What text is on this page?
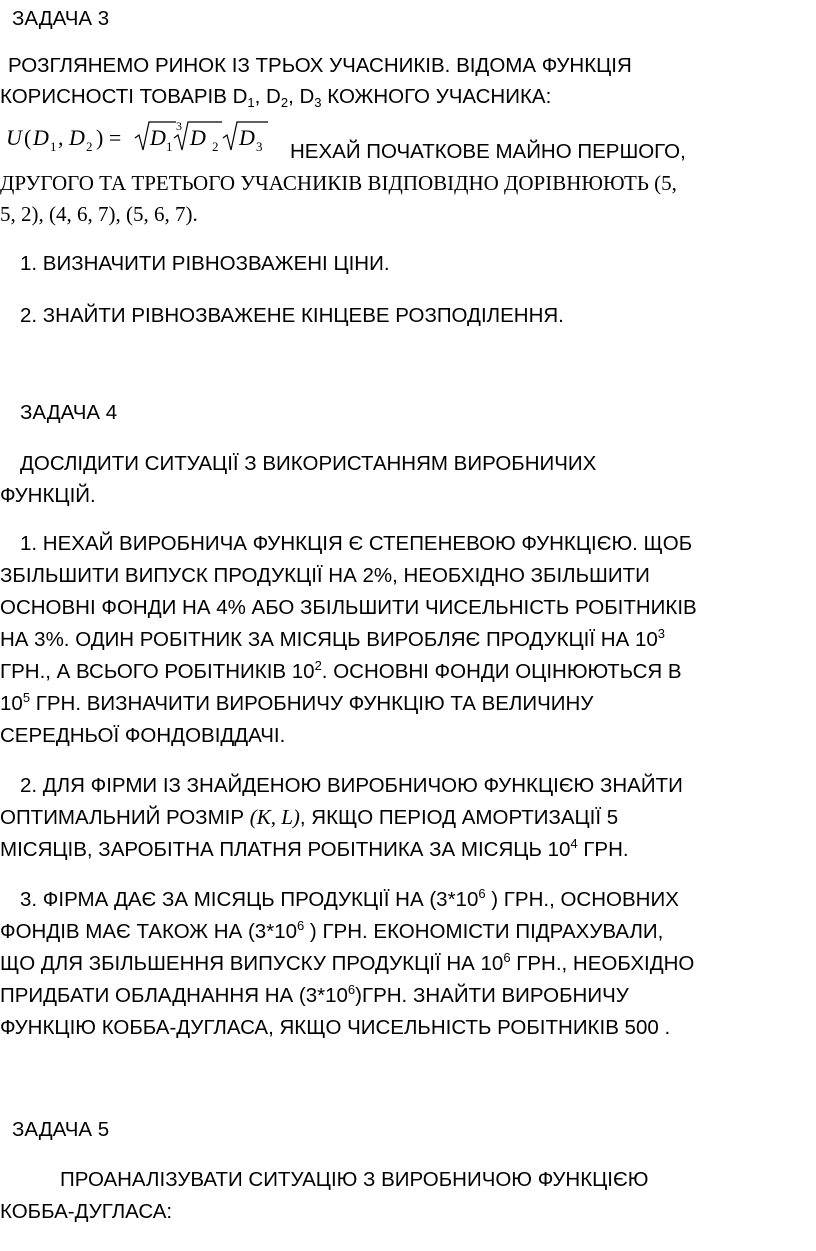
ЗАДАЧА 3
РОЗГЛЯНЕМО РИНОК ІЗ ТРЬОХ УЧАСНИКІВ. ВІДОМА ФУНКЦІЯ
КОРИСНОСТІ ТОВАРІВ $D_1$, $D_2$, $D_3$ КОЖНОГО УЧАСНИКА:
U ( D 1 , D 2 ) = D 1
3 D 2 D 3 НЕХАЙ ПОЧАТКОВЕ МАЙНО ПЕРШОГО,
ДРУГОГО ТА ТРЕТЬОГО УЧАСНИКІВ ВІДПОВІДНО ДОРІВНЮЮТЬ (5,
5, 2), (4, 6, 7), (5, 6, 7).
1. ВИЗНАЧИТИ РІВНОЗВАЖЕНІ ЦІНИ.
2. ЗНАЙТИ РІВНОЗВАЖЕНЕ КІНЦЕВЕ РОЗПОДІЛЕННЯ.
ЗАДАЧА 4
ДОСЛІДИТИ СИТУАЦІЇ З ВИКОРИСТАННЯМ ВИРОБНИЧИХ
ФУНКЦІЙ.
1. НЕХАЙ ВИРОБНИЧА ФУНКЦІЯ Є СТЕПЕНЕВОЮ ФУНКЦІЄЮ. ЩОБ
ЗБІЛЬШИТИ ВИПУСК ПРОДУКЦІЇ НА 2%, НЕОБХІДНО ЗБІЛЬШИТИ
ОСНОВНІ ФОНДИ НА 4% АБО ЗБІЛЬШИТИ ЧИСЕЛЬНІСТЬ РОБІТНИКІВ
НА 3%. ОДИН РОБІТНИК ЗА МІСЯЦЬ ВИРОБЛЯЄ ПРОДУКЦІЇ НА $10^3$
ГРН., А ВСЬОГО РОБІТНИКІВ $10^2$. ОСНОВНІ ФОНДИ ОЦІНЮЮТЬСЯ В
$10^5$ ГРН. ВИЗНАЧИТИ ВИРОБНИЧУ ФУНКЦІЮ ТА ВЕЛИЧИНУ
СЕРЕДНЬОЇ ФОНДОВІДДАЧІ.
2. ДЛЯ ФІРМИ ІЗ ЗНАЙДЕНОЮ ВИРОБНИЧОЮ ФУНКЦІЄЮ ЗНАЙТИ
ОПТИМАЛЬНИЙ РОЗМІР (K, L), ЯКЩО ПЕРІОД АМОРТИЗАЦІЇ 5
МІСЯЦІВ, ЗАРОБІТНА ПЛАТНЯ РОБІТНИКА ЗА МІСЯЦЬ $10^4$ ГРН.
3. ФІРМА ДАЄ ЗА МІСЯЦЬ ПРОДУКЦІЇ НА ($3*10^6$ ) ГРН., ОСНОВНИХ
ФОНДІВ МАЄ ТАКОЖ НА ($3*10^6$ ) ГРН. ЕКОНОМІСТИ ПІДРАХУВАЛИ,
ЩО ДЛЯ ЗБІЛЬШЕННЯ ВИПУСКУ ПРОДУКЦІЇ НА $10^6$ ГРН., НЕОБХІДНО
ПРИДБАТИ ОБЛАДНАННЯ НА $(3*10^6)ГРН$. ЗНАЙТИ ВИРОБНИЧУ
ФУНКЦІЮ КОББА-ДУГЛАСА, ЯКЩО ЧИСЕЛЬНІСТЬ РОБІТНИКІВ 500 .
ЗАДАЧА 5
ПРОАНАЛІЗУВАТИ СИТУАЦІЮ З ВИРОБНИЧОЮ ФУНКЦІЄЮ
КОББА-ДУГЛАСА:
